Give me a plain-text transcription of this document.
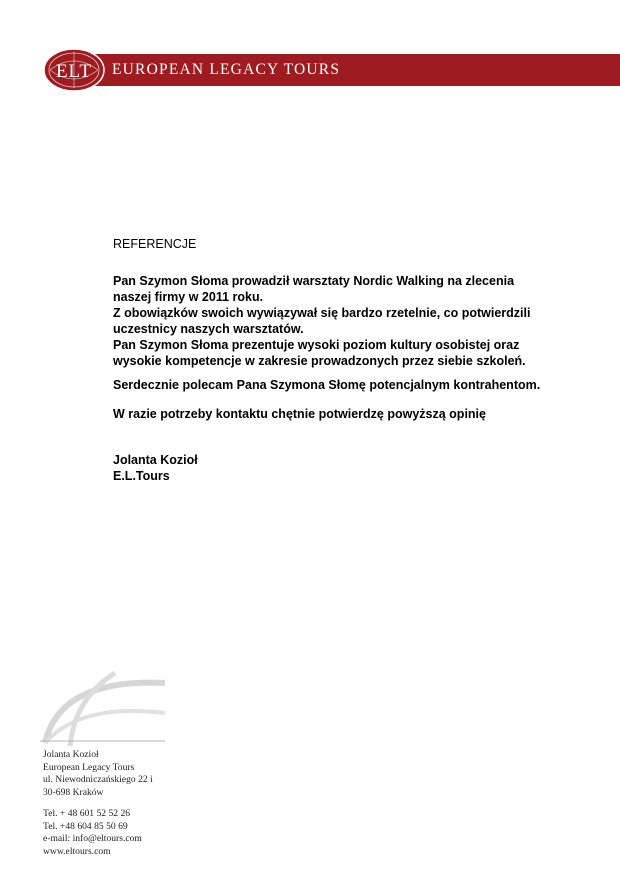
EUROPEAN LEGACY TOURS
ELT
REFERENCJE
Pan Szymon Słoma prowadził warsztaty Nordic Walking na zlecenia
naszej firmy w 2011 roku.
Z obowiązków swoich wywiązywał się bardzo rzetelnie, co potwierdzili
uczestnicy naszych warsztatów.
Pan Szymon Słoma prezentuje wysoki poziom kultury osobistej oraz
wysokie kompetencje w zakresie prowadzonych przez siebie szkoleń.
Serdecznie polecam Pana Szymona Słomę potencjalnym kontrahentom.
W razie potrzeby kontaktu chętnie potwierdzę powyższą opinię
Jolanta Kozioł
E.L.Tours
Jolanta Kozioł
European Legacy Tours
ul. Niewodniczańskiego 22 i
30-698 Kraków
Tel. + 48 601 52 52 26
Tel. +48 604 85 50 69
e-mail: info@eltours.com
www.eltours.com
